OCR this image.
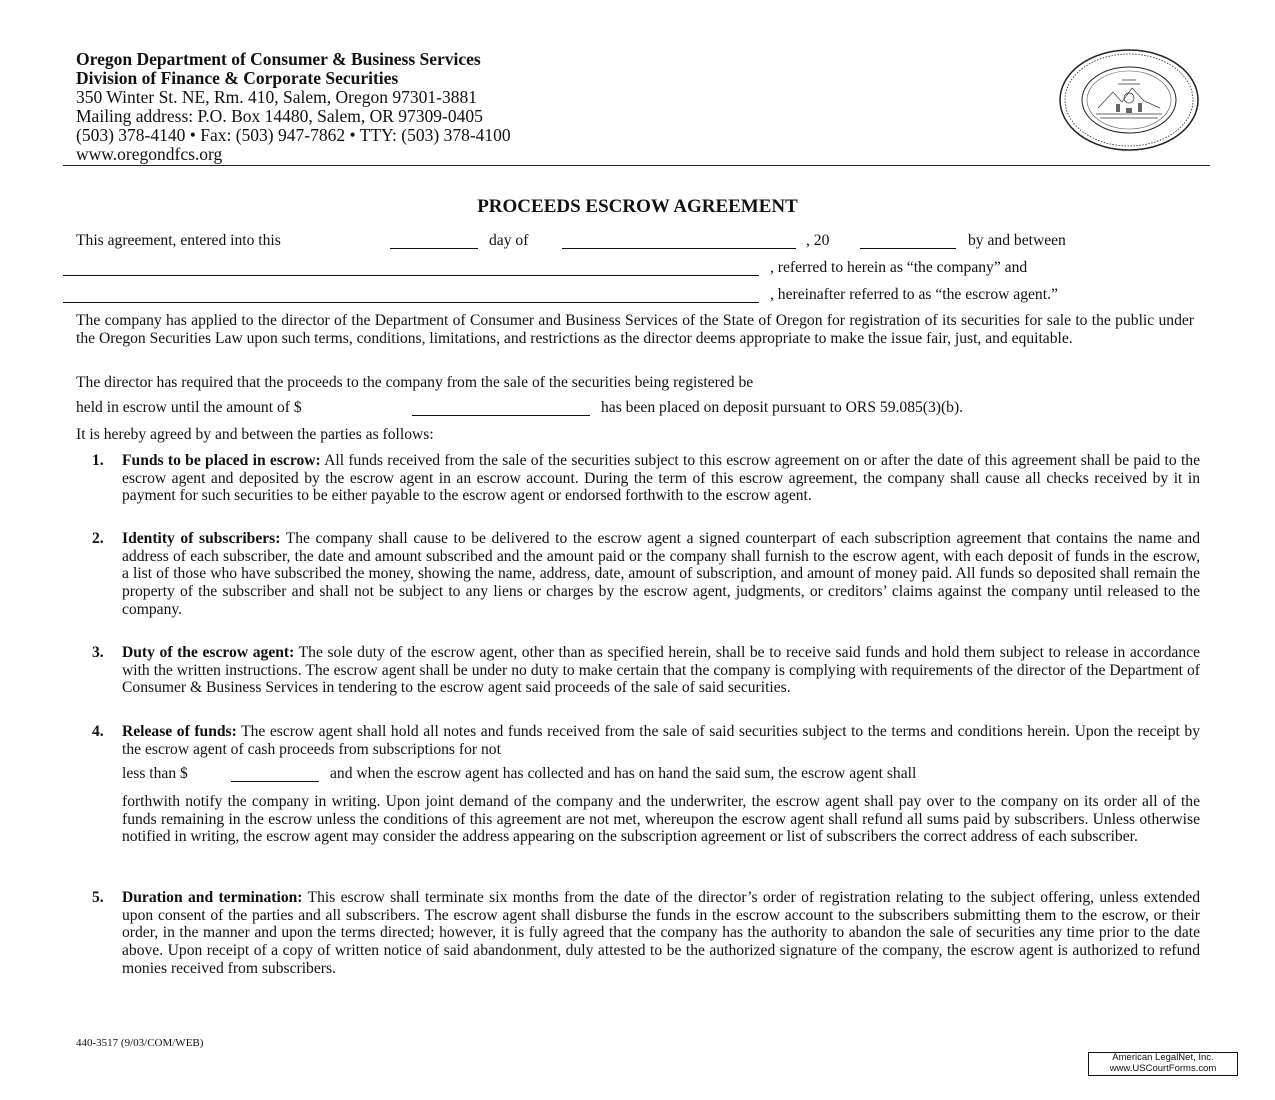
Oregon Department of Consumer & Business Services
Division of Finance & Corporate Securities
350 Winter St. NE, Rm. 410, Salem, Oregon 97301-3881
Mailing address: P.O. Box 14480, Salem, OR 97309-0405
(503) 378-4140 • Fax: (503) 947-7862 • TTY: (503) 378-4100
www.oregondfcs.org
PROCEEDS ESCROW AGREEMENT
This agreement, entered into this	day of	, 20	by and between
, referred to herein as “the company” and
, hereinafter referred to as “the escrow agent.”
The company has applied to the director of the Department of Consumer and Business Services of the State of Oregon for registration of its securities for sale to the public under the Oregon Securities Law upon such terms, conditions, limitations, and restrictions as the director deems appropriate to make the issue fair, just, and equitable.
The director has required that the proceeds to the company from the sale of the securities being registered be
held in escrow until the amount of $	has been placed on deposit pursuant to ORS 59.085(3)(b).
It is hereby agreed by and between the parties as follows:
1. Funds to be placed in escrow: All funds received from the sale of the securities subject to this escrow agreement on or after the date of this agreement shall be paid to the escrow agent and deposited by the escrow agent in an escrow account. During the term of this escrow agreement, the company shall cause all checks received by it in payment for such securities to be either payable to the escrow agent or endorsed forthwith to the escrow agent.
2. Identity of subscribers: The company shall cause to be delivered to the escrow agent a signed counterpart of each subscription agreement that contains the name and address of each subscriber, the date and amount subscribed and the amount paid or the company shall furnish to the escrow agent, with each deposit of funds in the escrow, a list of those who have subscribed the money, showing the name, address, date, amount of subscription, and amount of money paid. All funds so deposited shall remain the property of the subscriber and shall not be subject to any liens or charges by the escrow agent, judgments, or creditors’ claims against the company until released to the company.
3. Duty of the escrow agent: The sole duty of the escrow agent, other than as specified herein, shall be to receive said funds and hold them subject to release in accordance with the written instructions. The escrow agent shall be under no duty to make certain that the company is complying with requirements of the director of the Department of Consumer & Business Services in tendering to the escrow agent said proceeds of the sale of said securities.
4. Release of funds: The escrow agent shall hold all notes and funds received from the sale of said securities subject to the terms and conditions herein. Upon the receipt by the escrow agent of cash proceeds from subscriptions for not
less than $	and when the escrow agent has collected and has on hand the said sum, the escrow agent shall
forthwith notify the company in writing. Upon joint demand of the company and the underwriter, the escrow agent shall pay over to the company on its order all of the funds remaining in the escrow unless the conditions of this agreement are not met, whereupon the escrow agent shall refund all sums paid by subscribers. Unless otherwise notified in writing, the escrow agent may consider the address appearing on the subscription agreement or list of subscribers the correct address of each subscriber.
5. Duration and termination: This escrow shall terminate six months from the date of the director’s order of registration relating to the subject offering, unless extended upon consent of the parties and all subscribers. The escrow agent shall disburse the funds in the escrow account to the subscribers submitting them to the escrow, or their order, in the manner and upon the terms directed; however, it is fully agreed that the company has the authority to abandon the sale of securities any time prior to the date above. Upon receipt of a copy of written notice of said abandonment, duly attested to be the authorized signature of the company, the escrow agent is authorized to refund monies received from subscribers.
440-3517 (9/03/COM/WEB)
American LegalNet, Inc.
www.USCourtForms.com
